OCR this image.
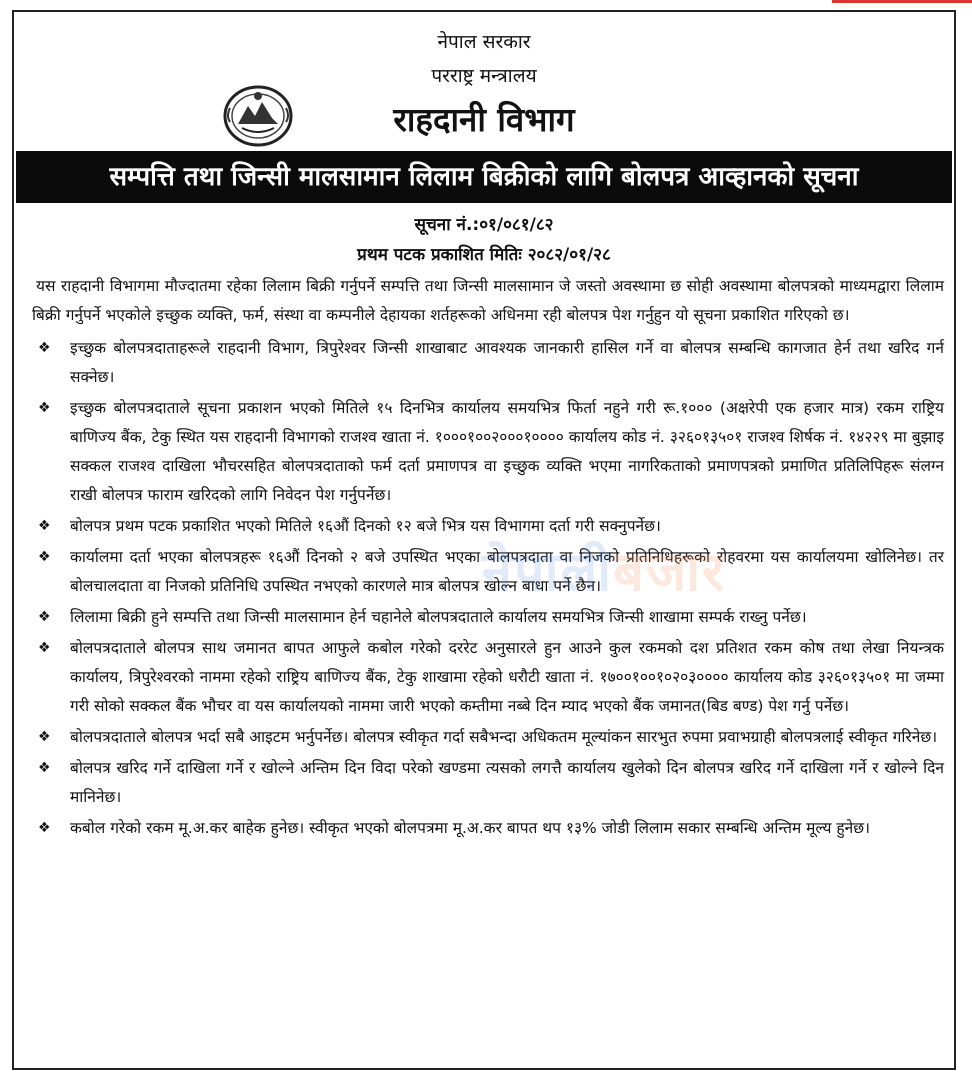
नेपाल सरकार
परराष्ट्र मन्त्रालय
राहदानी विभाग
सम्पत्ति तथा जिन्सी मालसामान लिलाम बिक्रीको लागि बोलपत्र आव्हानको सूचना
सूचना नं.:०१/०८१/८२
प्रथम पटक प्रकाशित मितिः २०८२/०१/२८

यस राहदानी विभागमा मौज्दातमा रहेका लिलाम बिक्री गर्नुपर्ने सम्पत्ति तथा जिन्सी मालसामान जे जस्तो अवस्थामा छ सोही अवस्थामा बोलपत्रको माध्यमद्वारा लिलाम बिक्री गर्नुपर्ने भएकोले इच्छुक व्यक्ति, फर्म, संस्था वा कम्पनीले देहायका शर्तहरूको अधिनमा रही बोलपत्र पेश गर्नुहुन यो सूचना प्रकाशित गरिएको छ।

❖ इच्छुक बोलपत्रदाताहरूले राहदानी विभाग, त्रिपुरेश्वर जिन्सी शाखाबाट आवश्यक जानकारी हासिल गर्ने वा बोलपत्र सम्बन्धि कागजात हेर्न तथा खरिद गर्न सक्नेछ।
❖ इच्छुक बोलपत्रदाताले सूचना प्रकाशन भएको मितिले १५ दिनभित्र कार्यालय समयभित्र फिर्ता नहुने गरी रू.१००० (अक्षरेपी एक हजार मात्र) रकम राष्ट्रिय बाणिज्य बैंक, टेकु स्थित यस राहदानी विभागको राजश्व खाता नं. १०००१००२०००१०००० कार्यालय कोड नं. ३२६०१३५०१ राजश्व शिर्षक नं. १४२२९ मा बुझाइ सक्कल राजश्व दाखिला भौचरसहित बोलपत्रदाताको फर्म दर्ता प्रमाणपत्र वा इच्छुक व्यक्ति भएमा नागरिकताको प्रमाणपत्रको प्रमाणित प्रतिलिपिहरू संलग्न राखी बोलपत्र फाराम खरिदको लागि निवेदन पेश गर्नुपर्नेछ।
❖ बोलपत्र प्रथम पटक प्रकाशित भएको मितिले १६औं दिनको १२ बजे भित्र यस विभागमा दर्ता गरी सक्नुपर्नेछ।
❖ कार्यालमा दर्ता भएका बोलपत्रहरू १६औं दिनको २ बजे उपस्थित भएका बोलपत्रदाता वा निजको प्रतिनिधिहरूको रोहवरमा यस कार्यालयमा खोलिनेछ। तर बोलचालदाता वा निजको प्रतिनिधि उपस्थित नभएको कारणले मात्र बोलपत्र खोल्न बाधा पर्ने छैन।
❖ लिलामा बिक्री हुने सम्पत्ति तथा जिन्सी मालसामान हेर्न चहानेले बोलपत्रदाताले कार्यालय समयभित्र जिन्सी शाखामा सम्पर्क राख्नु पर्नेछ।
❖ बोलपत्रदाताले बोलपत्र साथ जमानत बापत आफुले कबोल गरेको दररेट अनुसारले हुन आउने कुल रकमको दश प्रतिशत रकम कोष तथा लेखा नियन्त्रक कार्यालय, त्रिपुरेश्वरको नाममा रहेको राष्ट्रिय बाणिज्य बैंक, टेकु शाखामा रहेको धरौटी खाता नं. १७००१००१०२०३०००० कार्यालय कोड ३२६०१३५०१ मा जम्मा गरी सोको सक्कल बैंक भौचर वा यस कार्यालयको नाममा जारी भएको कम्तीमा नब्बे दिन म्याद भएको बैंक जमानत(बिड बण्ड) पेश गर्नु पर्नेछ।
❖ बोलपत्रदाताले बोलपत्र भर्दा सबै आइटम भर्नुपर्नेछ। बोलपत्र स्वीकृत गर्दा सबैभन्दा अधिकतम मूल्यांकन सारभुत रुपमा प्रवाभग्राही बोलपत्रलाई स्वीकृत गरिनेछ।
❖ बोलपत्र खरिद गर्ने दाखिला गर्ने र खोल्ने अन्तिम दिन विदा परेको खण्डमा त्यसको लगत्तै कार्यालय खुलेको दिन बोलपत्र खरिद गर्ने दाखिला गर्ने र खोल्ने दिन मानिनेछ।
❖ कबोल गरेको रकम मू.अ.कर बाहेक हुनेछ। स्वीकृत भएको बोलपत्रमा मू.अ.कर बापत थप १३% जोडी लिलाम सकार सम्बन्धि अन्तिम मूल्य हुनेछ।
नेपालीबजार
